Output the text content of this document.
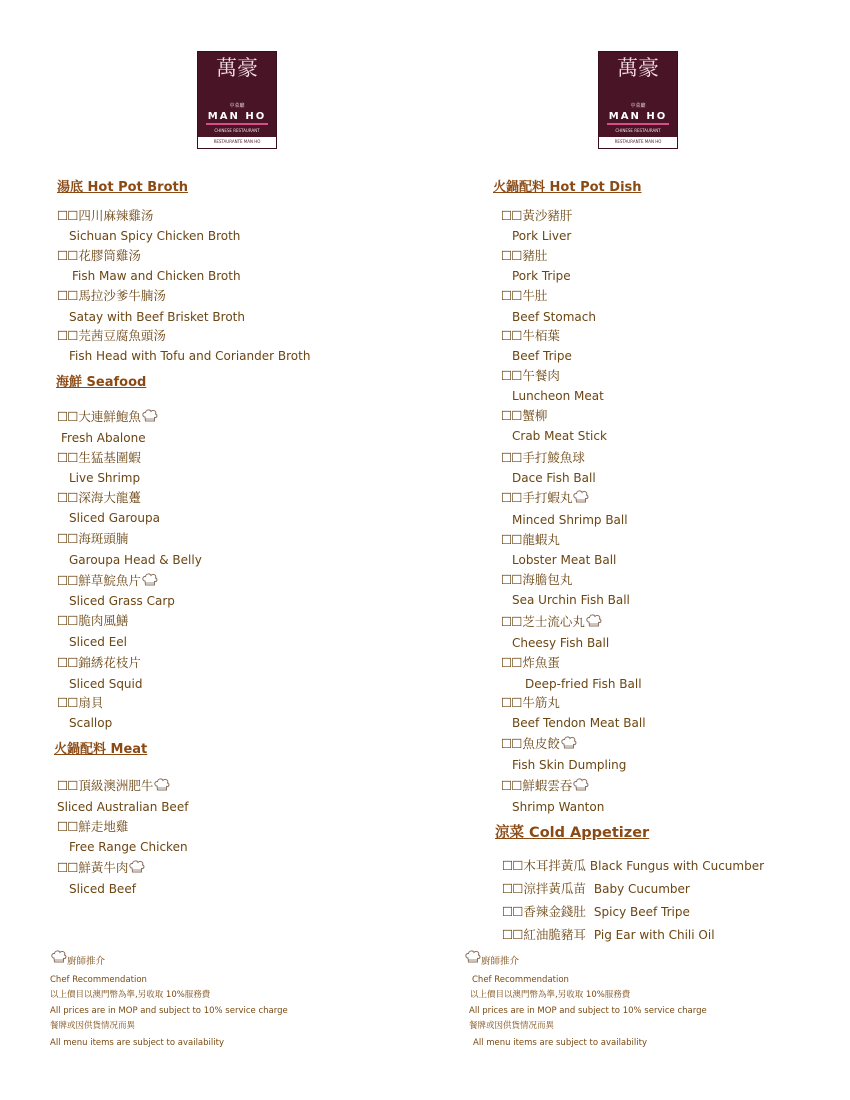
萬豪
中菜廳
MAN HO
CHINESE RESTAURANT
RESTAURANTE MAN HO
湯底 Hot Pot Broth
☐☐四川麻辣雞汤
Sichuan Spicy Chicken Broth
☐☐花膠筒雞汤
Fish Maw and Chicken Broth
☐☐馬拉沙爹牛腩汤
Satay with Beef Brisket Broth
☐☐芫茜豆腐魚頭汤
Fish Head with Tofu and Coriander Broth
海鮮 Seafood
☐☐大連鮮鮑魚
Fresh Abalone
☐☐生猛基圍蝦
Live Shrimp
☐☐深海大龍躉
Sliced Garoupa
☐☐海斑頭腩
Garoupa Head & Belly
☐☐鮮草鯇魚片
Sliced Grass Carp
☐☐脆肉風鱔
Sliced Eel
☐☐錦綉花枝片
Sliced Squid
☐☐扇貝
Scallop
火鍋配料 Meat
☐☐頂級澳洲肥牛
Sliced Australian Beef
☐☐鮮走地雞
Free Range Chicken
☐☐鮮黃牛肉
Sliced Beef
廚師推介
Chef Recommendation
以上價目以澳門幣為準,另收取 10%服務費
All prices are in MOP and subject to 10% service charge
餐牌或因供貨情况而異
All menu items are subject to availability
萬豪
中菜廳
MAN HO
CHINESE RESTAURANT
RESTAURANTE MAN HO
火鍋配料 Hot Pot Dish
☐☐黃沙豬肝
Pork Liver
☐☐豬肚
Pork Tripe
☐☐牛肚
Beef Stomach
☐☐牛栢葉
Beef Tripe
☐☐午餐肉
Luncheon Meat
☐☐蟹柳
Crab Meat Stick
☐☐手打鯪魚球
Dace Fish Ball
☐☐手打蝦丸
Minced Shrimp Ball
☐☐龍蝦丸
Lobster Meat Ball
☐☐海膽包丸
Sea Urchin Fish Ball
☐☐芝士流心丸
Cheesy Fish Ball
☐☐炸魚蛋
Deep-fried Fish Ball
☐☐牛筋丸
Beef Tendon Meat Ball
☐☐魚皮餃
Fish Skin Dumpling
☐☐鮮蝦雲吞
Shrimp Wanton
涼菜 Cold Appetizer
☐☐木耳拌黃瓜 Black Fungus with Cucumber
☐☐涼拌黃瓜苗 Baby Cucumber
☐☐香辣金錢肚 Spicy Beef Tripe
☐☐紅油脆豬耳 Pig Ear with Chili Oil
廚師推介
Chef Recommendation
以上價目以澳門幣為準,另收取 10%服務費
All prices are in MOP and subject to 10% service charge
餐牌或因供貨情况而異
All menu items are subject to availability
